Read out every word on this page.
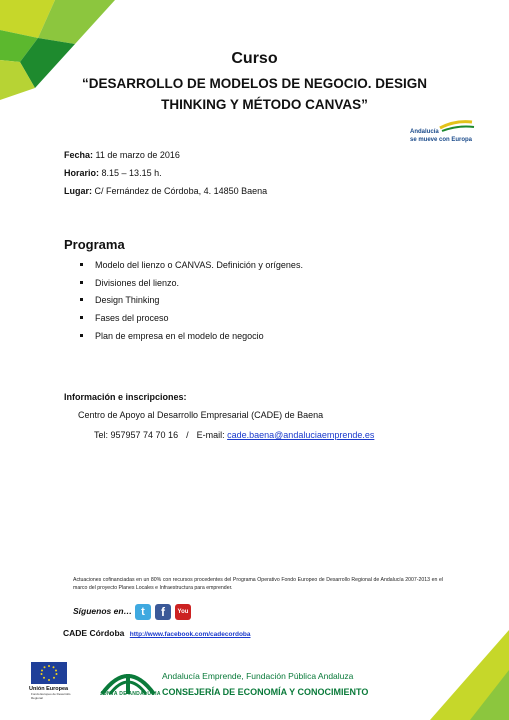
Curso
“DESARROLLO DE MODELOS DE NEGOCIO. DESIGN
THINKING Y MÉTODO CANVAS”
Andalucía
se mueve con Europa
Fecha: 11 de marzo de 2016
Horario: 8.15 – 13.15 h.
Lugar: C/ Fernández de Córdoba, 4. 14850 Baena
Programa
Modelo del lienzo o CANVAS. Definición y orígenes.
Divisiones del lienzo.
Design Thinking
Fases del proceso
Plan de empresa en el modelo de negocio
Información e inscripciones:
Centro de Apoyo al Desarrollo Empresarial (CADE) de Baena
Tel: 957957 74 70 16 / E-mail: cade.baena@andaluciaemprende.es
Actuaciones cofinanciadas en un 80% con recursos procedentes del Programa Operativo Fondo Europeo de Desarrollo Regional de Andalucía 2007-2013 en el marco del proyecto Planes Locales e Infraestructura para emprender.
Síguenos en… t	f	You
CADE Córdoba http://www.facebook.com/cadecordoba
Unión Europea
Fondo Europeo de Desarrollo Regional
JUNTA DE ANDALUCIA
Andalucía Emprende, Fundación Pública Andaluza
CONSEJERÍA DE ECONOMÍA Y CONOCIMIENTO
